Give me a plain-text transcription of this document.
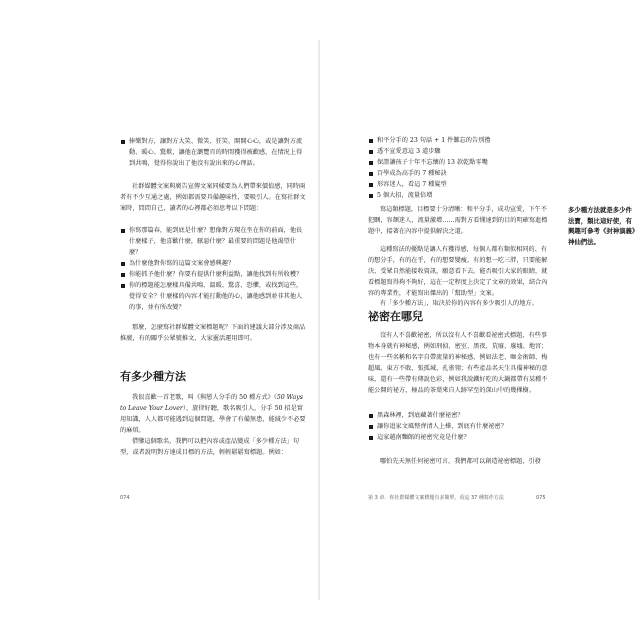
捧樂對方，讓對方大笑、微笑、狂笑、開開心心，或是讓對方流動、暖心、驚歎，讓他在瀏覽頁的時間獲得被歡感，在情況上得到共鳴，覺得你說出了他沒有說出來的心理話。

社群媒體文案與廣告宣傳文案同樣要為人們帶來價值感，同時兩者有不少互通之處，例如都需要具備趣味性，要吸引人。在寫社群文案時，問問自己，讀者的心裡都必須思考以下問題：

你寫那篇春，能到底是什麼？想像對方現在坐在你的前面，他長什麼樣子，他喜歡什麼，厭惡什麼？最重要的問題是他渴望什麼？
為什麼他對你寫的這篇文案會感興趣？
你能抓予他什麼？你要有提供什麼利益點，讓他找到有所收穫？
你的標題能怎麼樣具備共鳴、溫暖、驚喜、恐懼，或找到這些，覺得安全？什麼樣的內容才能打動他的心，讓他感到並非其他人的事，並有所改變？

那麼，怎麼寫社群媒體文案標題呢？下面的建議大部分涉及商品推廣，有的關乎公眾號推文，大家靈活運用即可。

有多少種方法

我很喜歡一首老歌，叫《與戀人分手的 50 種方式》（50 Ways to Leave Your Lover），旋律好聽，歌名吸引人，分手 50 招是實用知識，人人都可能遇到這個問題，學會了有備無患，能減少不必要的麻煩。

借鑒這個歌名，我們可以把內容或產品變成「多少種方法」句型，或者說明對方達成目標的方法，輕輕鬆鬆寫標題。例如：

074
和平分手的 23 句話 + 1 件難忘的告別禮
透不宣愛意這 3 道步驟
保證讓孩子十年不忘懷的 13 款乾點零嘴
百學成為高手的 7 種秘訣
形容迷人，看這 7 種髮型
5 個大招，流量倍增

寫這類標題，目標要十分清晰：和平分手，成功宣愛，下午不犯睏，容顏迷人，流量激增……需對方看懂達到的目的明確寫進標題中，接著在內容中提供解決之道。

這種寫法的優點是讓人有獲得感，每個人都有類似相同的、有的想分手，有的在乎，有的想要變瘦，有的想一吃三胖，只要能解決，受眾自然能接收資訊，願意看下去。能否吸引大家的眼睛，就看標題寫得夠不夠好，這在一定程度上決定了文章的效果，結合內容的專業性，才能寫出傑出的「幫助型」文案。

有「多少種方法」，取決於你的內容有多少吸引人的地方。

祕密在哪兒

沒有人不喜歡祕密，所以沒有人不喜歡看祕密式標題，有些事物本身就有神秘感，例如刑偵、密室、黑夜、荒廢、廢墟、地宮；也有一些名稱和名字自帶流量的神秘感，例如法老、咖金術師、梅超風、東方不敗、張孤城、孔雀翎；有些產品名天生具備神秘的意味，還有一些帶有傳說色彩，例如我說鐵好吃的大鍋都帶有某種不能公開的祕方，極品的茶葉來自人跡罕至的深山中的幾棵樹。

黑森林裡，到底藏著什麼祕密？
讓你追家文風整齊清人上樺，到底有什麼祕密？
這家越南麵館的祕密究竟是什麼？

哪怕先天無任何祕密可言，我們都可以創造祕密標題，引發

第 3 章．你社群媒體文案標題有多簡單，看這 37 種寫作方法	075
多少種方法就是多少件法寶，類比這好使，有興趣可參考《封神演義》神仙們法。
